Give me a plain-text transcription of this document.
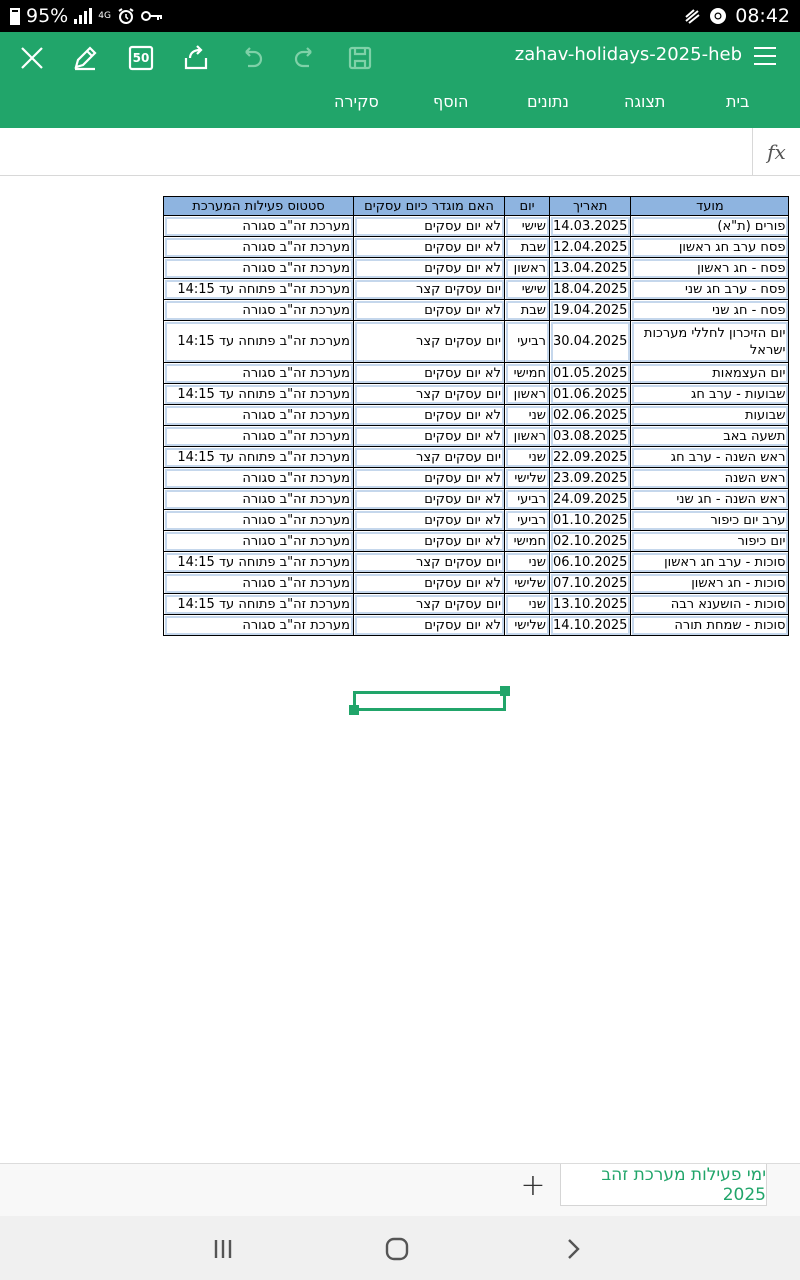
95%	4G	08:42
50	zahav-holidays-2025-heb
בית
תצוגה
נתונים
הוסף
סקירה
fx
מועד	תאריך	יום	האם מוגדר כיום עסקים	סטטוס פעילות המערכת
פורים (ת"א)	14.03.2025	שישי	לא יום עסקים	מערכת זה"ב סגורה
פסח ערב חג ראשון	12.04.2025	שבת	לא יום עסקים	מערכת זה"ב סגורה
פסח - חג ראשון	13.04.2025	ראשון	לא יום עסקים	מערכת זה"ב סגורה
פסח - ערב חג שני	18.04.2025	שישי	יום עסקים קצר	מערכת זה"ב פתוחה עד 14:15
פסח - חג שני	19.04.2025	שבת	לא יום עסקים	מערכת זה"ב סגורה
יום הזיכרון לחללי מערכות ישראל	30.04.2025	רביעי	יום עסקים קצר	מערכת זה"ב פתוחה עד 14:15
יום העצמאות	01.05.2025	חמישי	לא יום עסקים	מערכת זה"ב סגורה
שבועות - ערב חג	01.06.2025	ראשון	יום עסקים קצר	מערכת זה"ב פתוחה עד 14:15
שבועות	02.06.2025	שני	לא יום עסקים	מערכת זה"ב סגורה
תשעה באב	03.08.2025	ראשון	לא יום עסקים	מערכת זה"ב סגורה
ראש השנה - ערב חג	22.09.2025	שני	יום עסקים קצר	מערכת זה"ב פתוחה עד 14:15
ראש השנה	23.09.2025	שלישי	לא יום עסקים	מערכת זה"ב סגורה
ראש השנה - חג שני	24.09.2025	רביעי	לא יום עסקים	מערכת זה"ב סגורה
ערב יום כיפור	01.10.2025	רביעי	לא יום עסקים	מערכת זה"ב סגורה
יום כיפור	02.10.2025	חמישי	לא יום עסקים	מערכת זה"ב סגורה
סוכות - ערב חג ראשון	06.10.2025	שני	יום עסקים קצר	מערכת זה"ב פתוחה עד 14:15
סוכות - חג ראשון	07.10.2025	שלישי	לא יום עסקים	מערכת זה"ב סגורה
סוכות - הושענא רבה	13.10.2025	שני	יום עסקים קצר	מערכת זה"ב פתוחה עד 14:15
סוכות - שמחת תורה	14.10.2025	שלישי	לא יום עסקים	מערכת זה"ב סגורה
+	ימי פעילות מערכת זהב 2025
